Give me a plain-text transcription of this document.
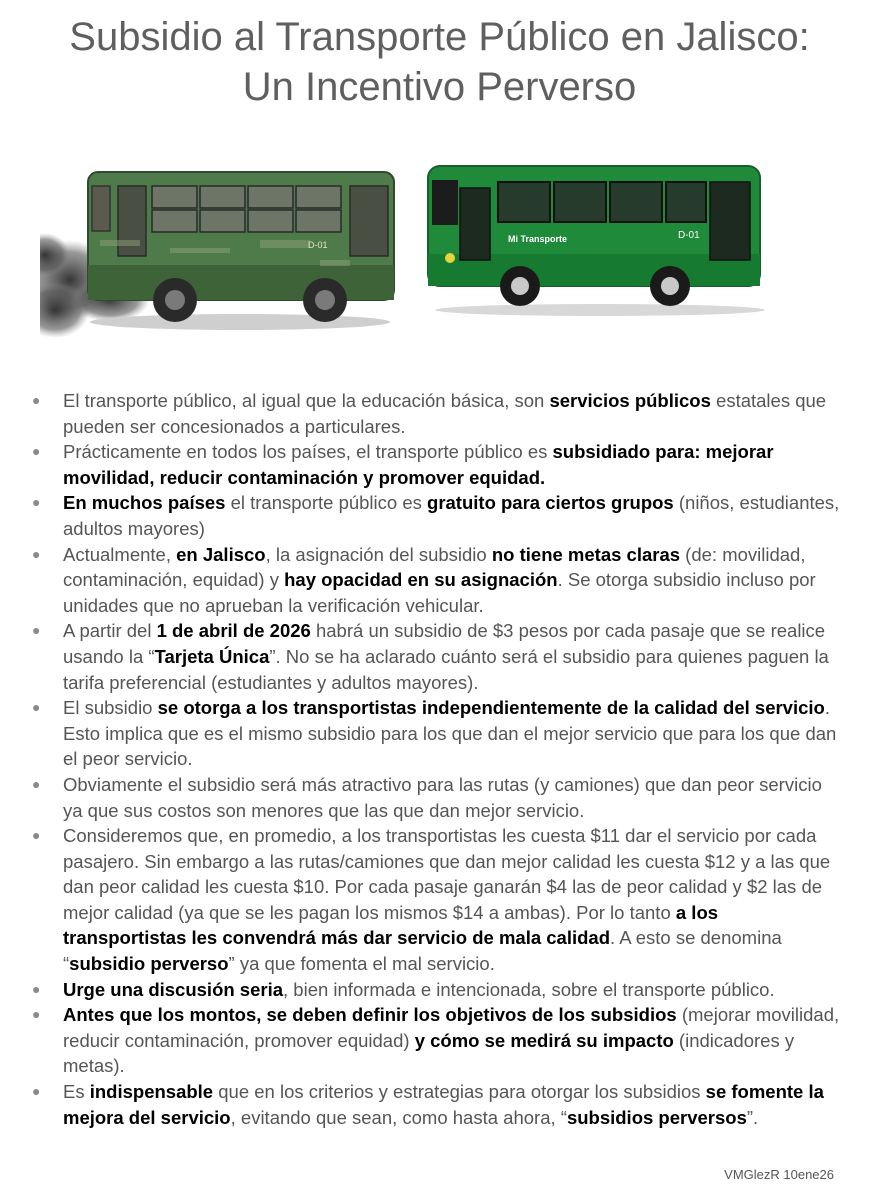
Subsidio al Transporte Público en Jalisco:
Un Incentivo Perverso
D-01
Mi Transporte	D-01
● El transporte público, al igual que la educación básica, son servicios públicos estatales que pueden ser concesionados a particulares.
● Prácticamente en todos los países, el transporte público es subsidiado para: mejorar movilidad, reducir contaminación y promover equidad.
● En muchos países el transporte público es gratuito para ciertos grupos (niños, estudiantes, adultos mayores)
● Actualmente, en Jalisco, la asignación del subsidio no tiene metas claras (de: movilidad, contaminación, equidad) y hay opacidad en su asignación. Se otorga subsidio incluso por unidades que no aprueban la verificación vehicular.
● A partir del 1 de abril de 2026 habrá un subsidio de $3 pesos por cada pasaje que se realice usando la “Tarjeta Única”. No se ha aclarado cuánto será el subsidio para quienes paguen la tarifa preferencial (estudiantes y adultos mayores).
● El subsidio se otorga a los transportistas independientemente de la calidad del servicio. Esto implica que es el mismo subsidio para los que dan el mejor servicio que para los que dan el peor servicio.
● Obviamente el subsidio será más atractivo para las rutas (y camiones) que dan peor servicio ya que sus costos son menores que las que dan mejor servicio.
● Consideremos que, en promedio, a los transportistas les cuesta $11 dar el servicio por cada pasajero. Sin embargo a las rutas/camiones que dan mejor calidad les cuesta $12 y a las que dan peor calidad les cuesta $10. Por cada pasaje ganarán $4 las de peor calidad y $2 las de mejor calidad (ya que se les pagan los mismos $14 a ambas). Por lo tanto a los transportistas les convendrá más dar servicio de mala calidad. A esto se denomina “subsidio perverso” ya que fomenta el mal servicio.
● Urge una discusión seria, bien informada e intencionada, sobre el transporte público.
● Antes que los montos, se deben definir los objetivos de los subsidios (mejorar movilidad, reducir contaminación, promover equidad) y cómo se medirá su impacto (indicadores y metas).
● Es indispensable que en los criterios y estrategias para otorgar los subsidios se fomente la mejora del servicio, evitando que sean, como hasta ahora, “subsidios perversos”.
VMGlezR 10ene26
